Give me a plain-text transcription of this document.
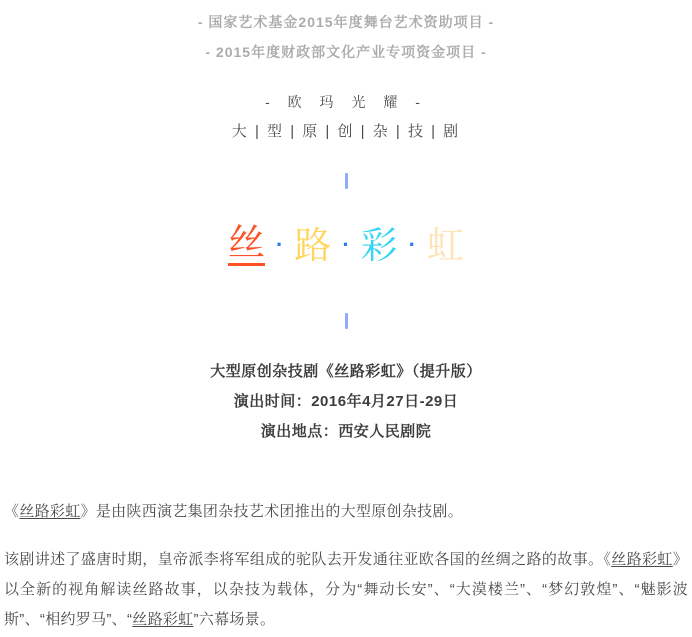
- 国家艺术基金2015年度舞台艺术资助项目 -
- 2015年度财政部文化产业专项资金项目 -
- 欧 玛 光 耀 -
大 | 型 | 原 | 创 | 杂 | 技 | 剧
丝 · 路 · 彩 · 虹
大型原创杂技剧《丝路彩虹》（提升版）
演出时间：2016年4月27日-29日
演出地点：西安人民剧院

《丝路彩虹》是由陕西演艺集团杂技艺术团推出的大型原创杂技剧。

该剧讲述了盛唐时期，皇帝派李将军组成的驼队去开发通往亚欧各国的丝绸之路的故事。《丝路彩虹》以全新的视角解读丝路故事，以杂技为载体，分为“舞动长安”、“大漠楼兰”、“梦幻敦煌”、“魅影波斯”、“相约罗马”、“丝路彩虹”六幕场景。
